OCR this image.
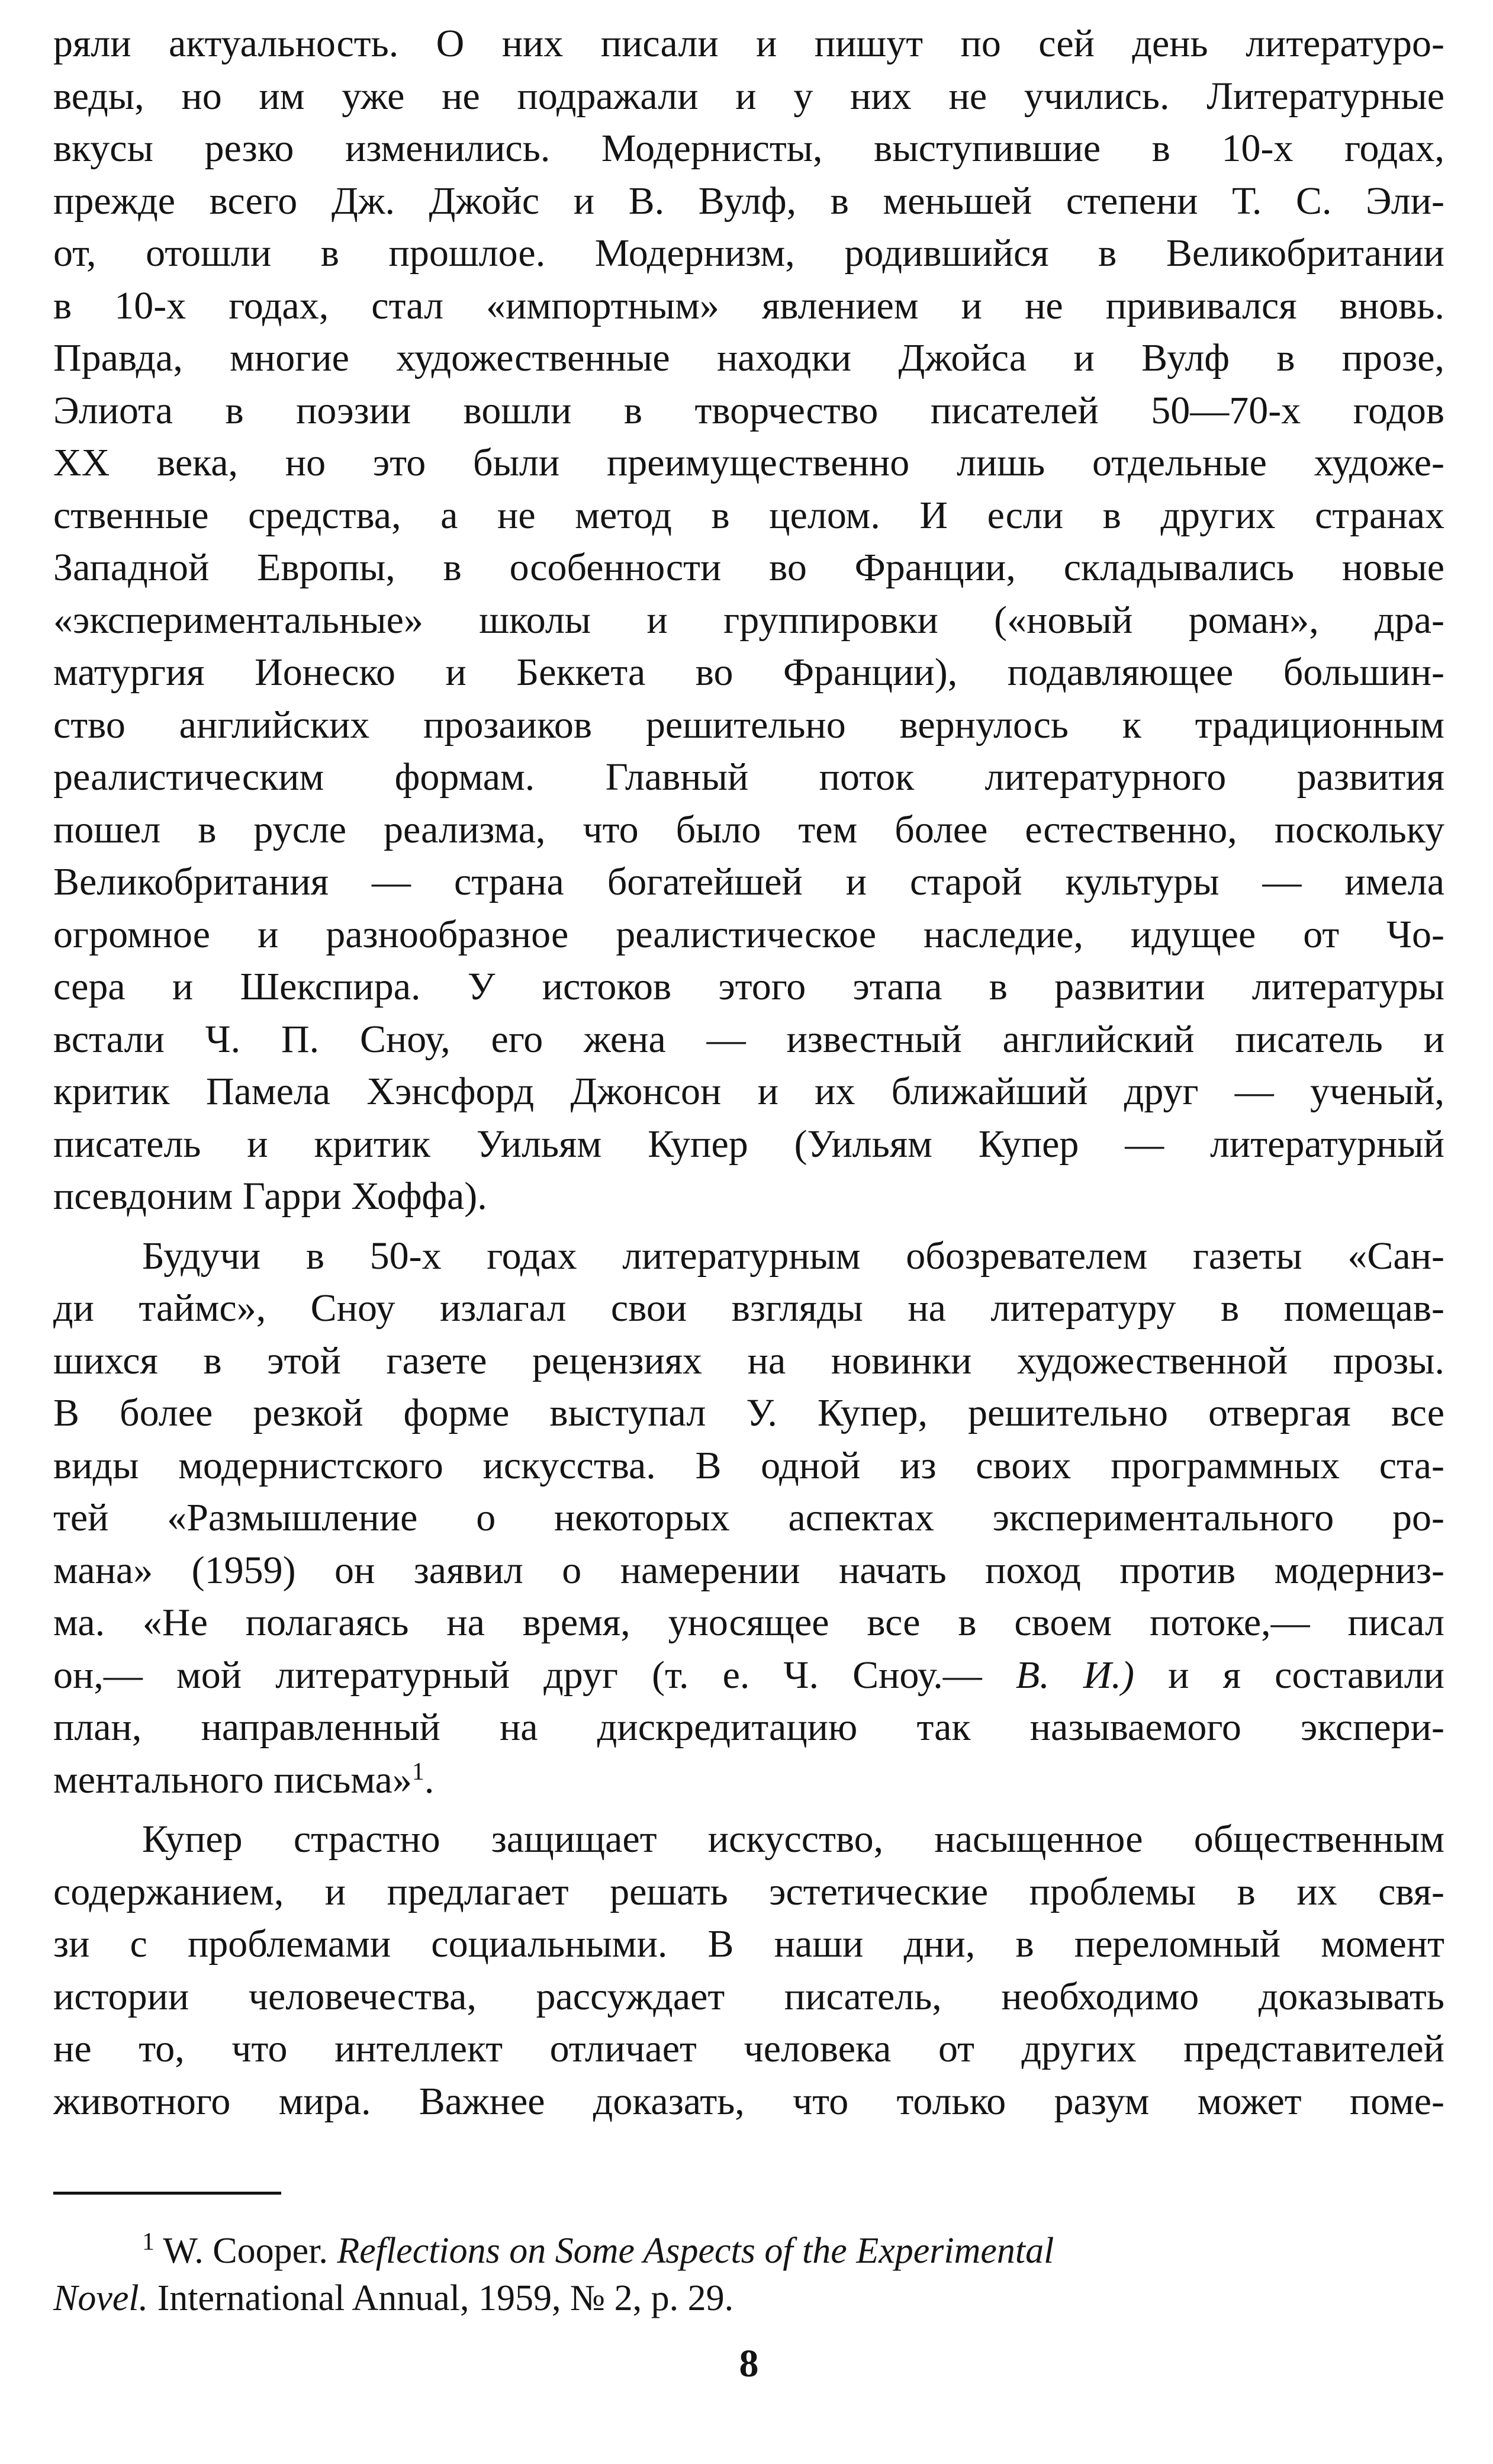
ряли актуальность. О них писали и пишут по сей день литературо-
веды, но им уже не подражали и у них не учились. Литературные
вкусы резко изменились. Модернисты, выступившие в 10-х годах,
прежде всего Дж. Джойс и В. Вулф, в меньшей степени Т. С. Эли-
от, отошли в прошлое. Модернизм, родившийся в Великобритании
в 10-х годах, стал «импортным» явлением и не прививался вновь.
Правда, многие художественные находки Джойса и Вулф в прозе,
Элиота в поэзии вошли в творчество писателей 50—70-х годов
XX века, но это были преимущественно лишь отдельные художе-
ственные средства, а не метод в целом. И если в других странах
Западной Европы, в особенности во Франции, складывались новые
«экспериментальные» школы и группировки («новый роман», дра-
матургия Ионеско и Беккета во Франции), подавляющее большин-
ство английских прозаиков решительно вернулось к традиционным
реалистическим формам. Главный поток литературного развития
пошел в русле реализма, что было тем более естественно, поскольку
Великобритания — страна богатейшей и старой культуры — имела
огромное и разнообразное реалистическое наследие, идущее от Чо-
сера и Шекспира. У истоков этого этапа в развитии литературы
встали Ч. П. Сноу, его жена — известный английский писатель и
критик Памела Хэнсфорд Джонсон и их ближайший друг — ученый,
писатель и критик Уильям Купер (Уильям Купер — литературный
псевдоним Гарри Хоффа).
Будучи в 50-х годах литературным обозревателем газеты «Сан-
ди таймс», Сноу излагал свои взгляды на литературу в помещав-
шихся в этой газете рецензиях на новинки художественной прозы.
В более резкой форме выступал У. Купер, решительно отвергая все
виды модернистского искусства. В одной из своих программных ста-
тей «Размышление о некоторых аспектах экспериментального ро-
мана» (1959) он заявил о намерении начать поход против модерниз-
ма. «Не полагаясь на время, уносящее все в своем потоке,— писал
он,— мой литературный друг (т. е. Ч. Сноу.— В. И.) и я составили
план, направленный на дискредитацию так называемого экспери-
ментального письма»$^1$.
Купер страстно защищает искусство, насыщенное общественным
содержанием, и предлагает решать эстетические проблемы в их свя-
зи с проблемами социальными. В наши дни, в переломный момент
истории человечества, рассуждает писатель, необходимо доказывать
не то, что интеллект отличает человека от других представителей
животного мира. Важнее доказать, что только разум может поме-
$^1$ W. Cooper. Reflections on Some Aspects of the Experimental
Novel. International Annual, 1959, № 2, p. 29.
8
